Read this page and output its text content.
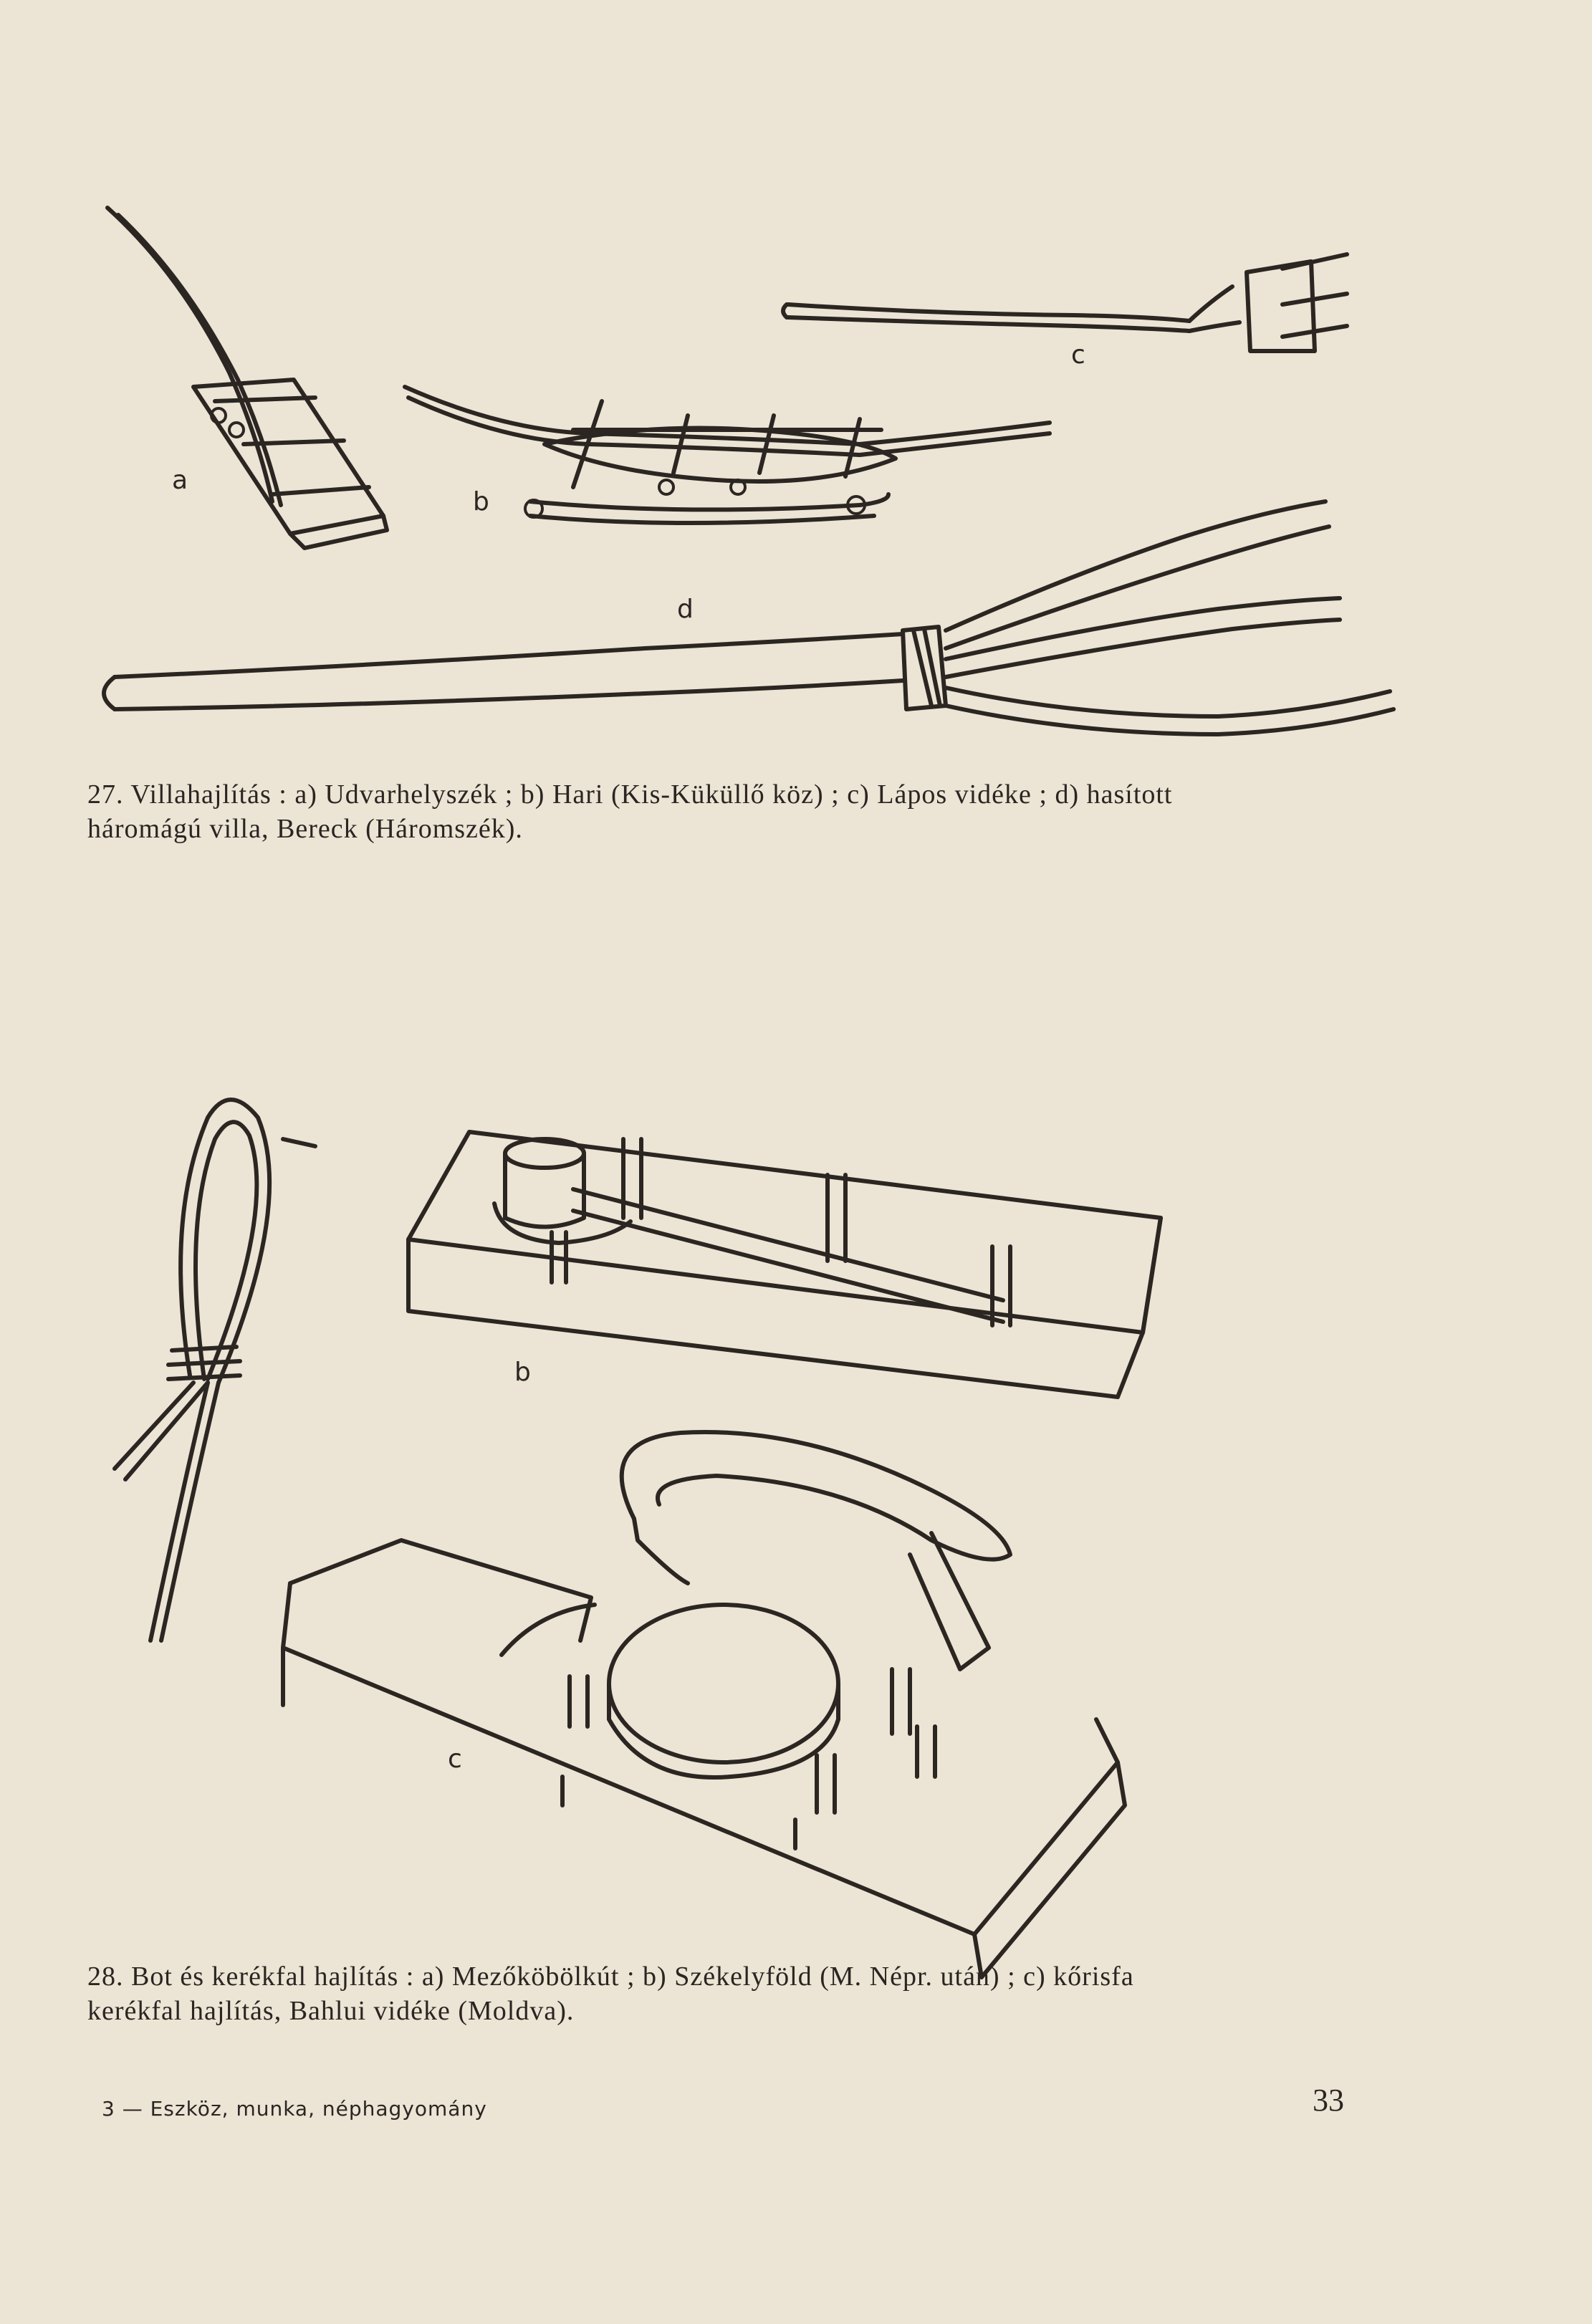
a
b
c
d
27. Villahajlítás : a) Udvarhelyszék ; b) Hari (Kis-Küküllő köz) ; c) Lápos vidéke ; d) hasított
háromágú villa, Bereck (Háromszék).
b
c
28. Bot és kerékfal hajlítás : a) Mezőköbölkút ; b) Székelyföld (M. Népr. után) ; c) kőrisfa
kerékfal hajlítás, Bahlui vidéke (Moldva).
3 — Eszköz, munka, néphagyomány	33
